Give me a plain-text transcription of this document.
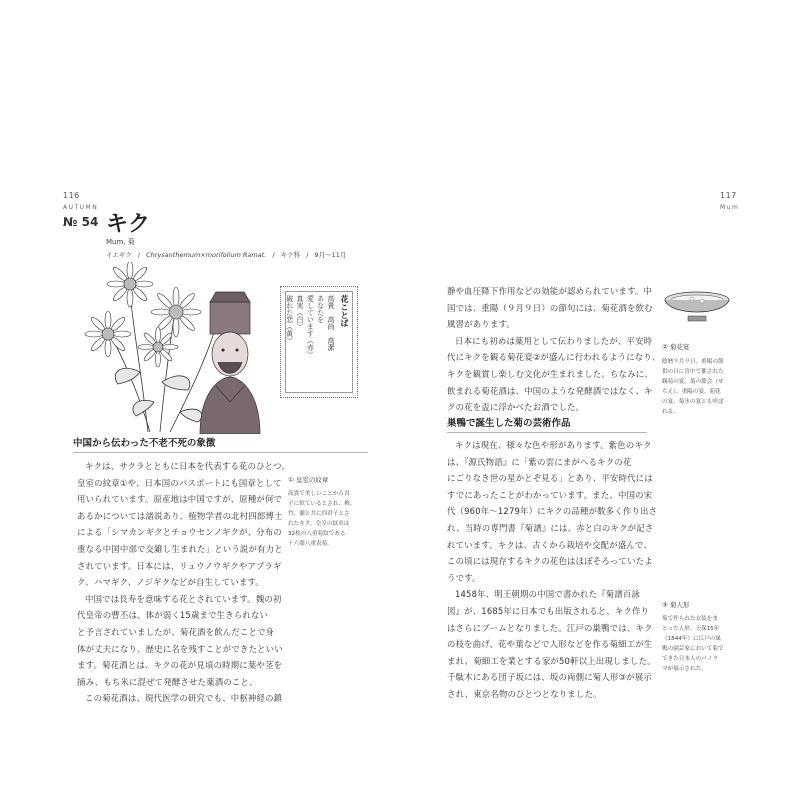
116
AUTUMN
№ 54 キク
Mum, 菊
イエギク / Chrysanthemum×morifolium Ramat. / キク科 / 9月〜11月
花ことば
高貴　高尚　高潔
あなたを
愛しています（赤）
真実（白）
破れた恋（黄）
中国から伝わった不老不死の象徴

キクは、サクラとともに日本を代表する花のひとつ。

皇室の紋章①や、日本国のパスポートにも国章として

用いられています。原産地は中国ですが、原種が何で

あるかについては諸説あり、植物学者の北村四郎博士

による「シマカンギクとチョウセンノギクが、分布の

重なる中国中部で交雑し生まれた」という説が有力と

されています。日本には、リュウノウギクやアブラギ

ク、ハマギク、ノジギクなどが自生しています。

中国では長寿を意味する花とされています。魏の初

代皇帝の曹丕は、体が弱く15歳まで生きられない

と予言されていましたが、菊花酒を飲んだことで身

体が丈夫になり、歴史に名を残すことができたといい

ます。菊花酒とは、キクの花が見頃の時期に葉や茎を

摘み、もち米に混ぜて発酵させた薬酒のこと。

この菊花酒は、現代医学の研究でも、中枢神経の鎮

① 皇室の紋章

高貴で美しいことから君

子に似ているとされ、梅、

竹、蘭と共に四君子とさ

れたキク。皇室の紋章は

32枚の八重菊紋である

十六葉八重表菊。

117
Mum

静や血圧降下作用などの効能が認められています。中

国では、重陽（９月９日）の節句には、菊花酒を飲む

風習があります。

日本にも初めは薬用として伝わりましたが、平安時

代にキクを観る菊花宴②が盛んに行われるようになり、

キクを観賞し楽しむ文化が生まれました。ちなみに、

飲まれる菊花酒は、中国のような発酵酒ではなく、キ

クの花を盃に浮かべたお酒でした。

巣鴨で誕生した菊の芸術作品

キクは現在、様々な色や形があります。紫色のキク

は、『源氏物語』に「紫の雲にまがへるキクの花

にごりなき世の星かとぞ見る」とあり、平安時代には

すでにあったことがわかっています。また、中国の宋

代（960年〜1279年）にキクの品種が数多く作り出さ

れ、当時の専門書『菊譜』には、赤と白のキクが記さ

れています。キクは、古くから栽培や交配が盛んで、

この頃には現存するキクの花色はほぼそろっていたよ

うです。

1458年、明王朝期の中国で書かれた『菊譜百詠

図』が、1685年に日本でも出版されると、キク作り

はさらにブームとなりました。江戸の巣鴨では、キク

の枝を曲げ、花や葉などで人形などを作る菊細工が生

まれ、菊細工を業とする家が50軒以上出現しました。

千駄木にある団子坂には、坂の両側に菊人形③が展示

され、東京名物のひとつとなりました。

② 菊花宴

陰暦９月９日、重陽の節

供の日に宮中で催された

観菊の宴。菊の節会（せ

ちえ）、重陽の宴、菊花

の宴。菊水の宴とも呼ば

れる。

③ 菊人形

菊で作られた衣装をま

とった人形。天保15年

（1844年）に江戸の巣

鴨の園芸家において菊で

できた日本人のパノラ

マが展示された。
